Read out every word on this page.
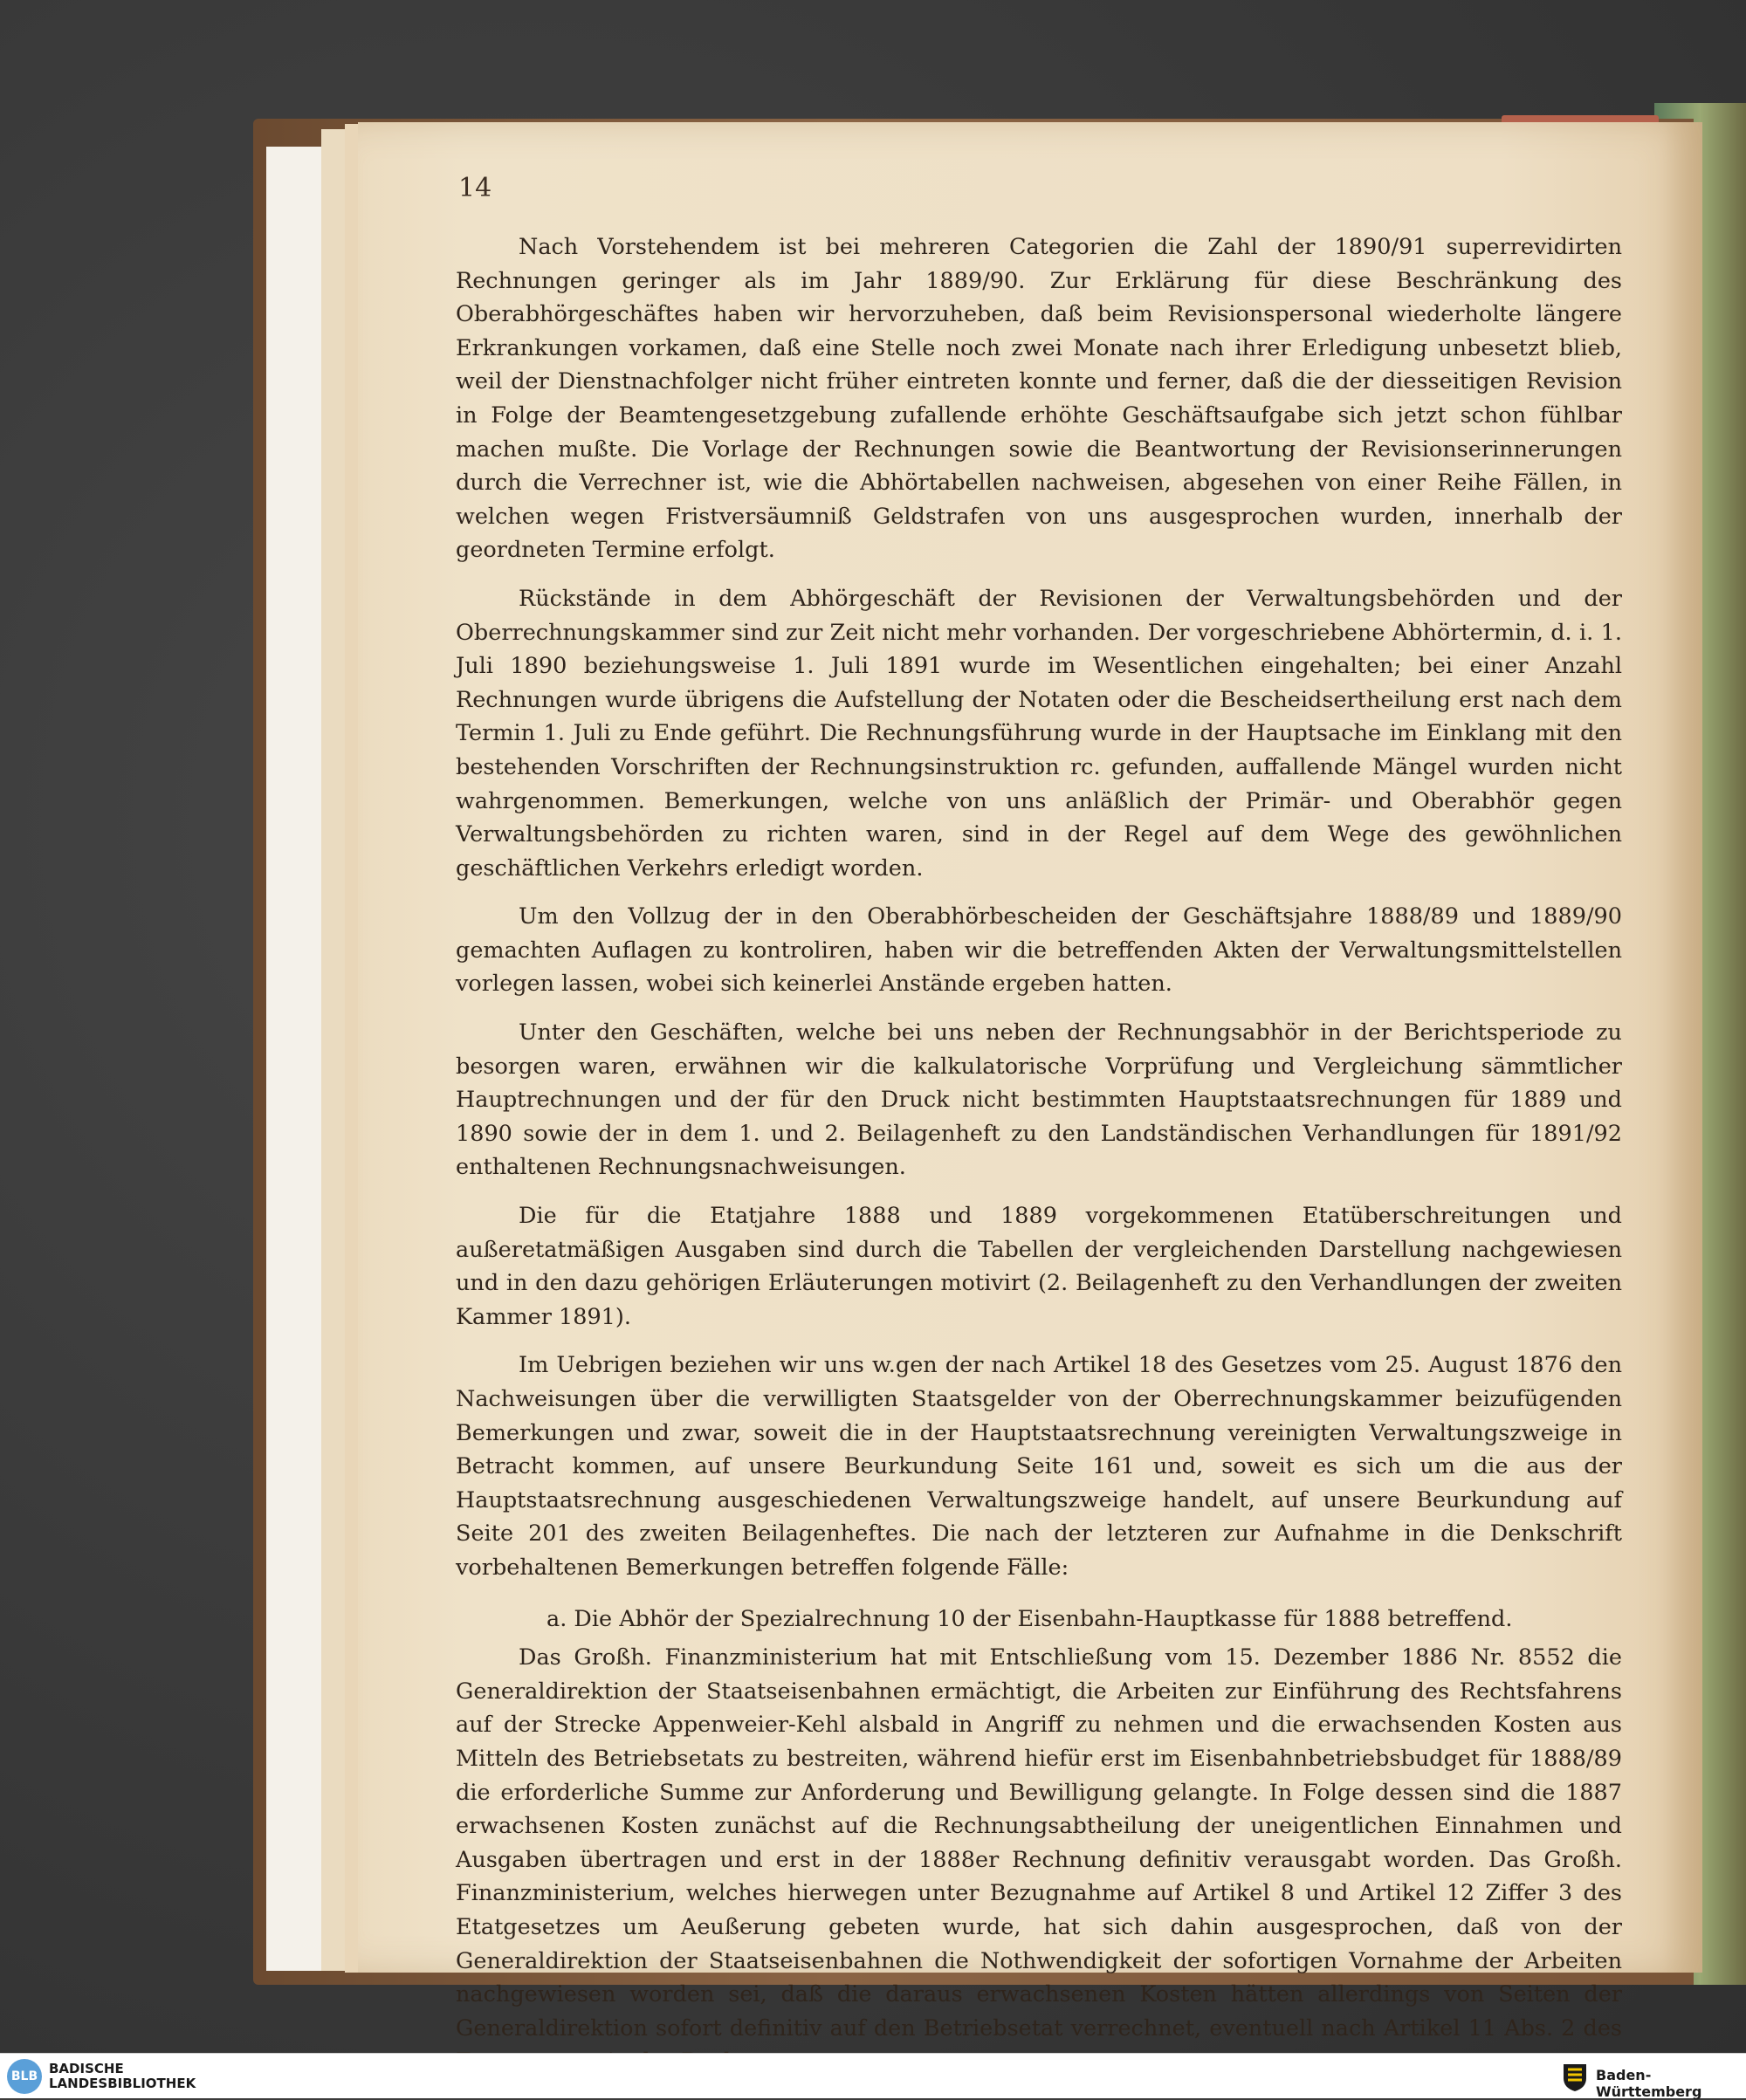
14

Nach Vorstehendem ist bei mehreren Categorien die Zahl der 1890/91 superrevidirten Rechnungen geringer als im Jahr 1889/90. Zur Erklärung für diese Beschränkung des Oberabhörgeschäftes haben wir hervorzuheben, daß beim Revisionspersonal wiederholte längere Erkrankungen vorkamen, daß eine Stelle noch zwei Monate nach ihrer Erledigung unbesetzt blieb, weil der Dienstnachfolger nicht früher eintreten konnte und ferner, daß die der diesseitigen Revision in Folge der Beamtengesetzgebung zufallende erhöhte Geschäftsaufgabe sich jetzt schon fühlbar machen mußte. Die Vorlage der Rechnungen sowie die Beantwortung der Revisionserinnerungen durch die Verrechner ist, wie die Abhörtabellen nachweisen, abgesehen von einer Reihe Fällen, in welchen wegen Fristversäumniß Geldstrafen von uns ausgesprochen wurden, innerhalb der geordneten Termine erfolgt.

Rückstände in dem Abhörgeschäft der Revisionen der Verwaltungsbehörden und der Oberrechnungskammer sind zur Zeit nicht mehr vorhanden. Der vorgeschriebene Abhörtermin, d. i. 1. Juli 1890 beziehungsweise 1. Juli 1891 wurde im Wesentlichen eingehalten; bei einer Anzahl Rechnungen wurde übrigens die Aufstellung der Notaten oder die Bescheidsertheilung erst nach dem Termin 1. Juli zu Ende geführt. Die Rechnungsführung wurde in der Hauptsache im Einklang mit den bestehenden Vorschriften der Rechnungsinstruktion rc. gefunden, auffallende Mängel wurden nicht wahrgenommen. Bemerkungen, welche von uns anläßlich der Primär- und Oberabhör gegen Verwaltungsbehörden zu richten waren, sind in der Regel auf dem Wege des gewöhnlichen geschäftlichen Verkehrs erledigt worden.

Um den Vollzug der in den Oberabhörbescheiden der Geschäftsjahre 1888/89 und 1889/90 gemachten Auflagen zu kontroliren, haben wir die betreffenden Akten der Verwaltungsmittelstellen vorlegen lassen, wobei sich keinerlei Anstände ergeben hatten.

Unter den Geschäften, welche bei uns neben der Rechnungsabhör in der Berichtsperiode zu besorgen waren, erwähnen wir die kalkulatorische Vorprüfung und Vergleichung sämmtlicher Hauptrechnungen und der für den Druck nicht bestimmten Hauptstaatsrechnungen für 1889 und 1890 sowie der in dem 1. und 2. Beilagenheft zu den Landständischen Verhandlungen für 1891/92 enthaltenen Rechnungsnachweisungen.

Die für die Etatjahre 1888 und 1889 vorgekommenen Etatüberschreitungen und außeretatmäßigen Ausgaben sind durch die Tabellen der vergleichenden Darstellung nachgewiesen und in den dazu gehörigen Erläuterungen motivirt (2. Beilagenheft zu den Verhandlungen der zweiten Kammer 1891).

Im Uebrigen beziehen wir uns w.gen der nach Artikel 18 des Gesetzes vom 25. August 1876 den Nachweisungen über die verwilligten Staatsgelder von der Oberrechnungskammer beizufügenden Bemerkungen und zwar, soweit die in der Hauptstaatsrechnung vereinigten Verwaltungszweige in Betracht kommen, auf unsere Beurkundung Seite 161 und, soweit es sich um die aus der Hauptstaatsrechnung ausgeschiedenen Verwaltungszweige handelt, auf unsere Beurkundung auf Seite 201 des zweiten Beilagenheftes. Die nach der letzteren zur Aufnahme in die Denkschrift vorbehaltenen Bemerkungen betreffen folgende Fälle:

a. Die Abhör der Spezialrechnung 10 der Eisenbahn-Hauptkasse für 1888 betreffend.

Das Großh. Finanzministerium hat mit Entschließung vom 15. Dezember 1886 Nr. 8552 die Generaldirektion der Staatseisenbahnen ermächtigt, die Arbeiten zur Einführung des Rechtsfahrens auf der Strecke Appenweier-Kehl alsbald in Angriff zu nehmen und die erwachsenden Kosten aus Mitteln des Betriebsetats zu bestreiten, während hiefür erst im Eisenbahnbetriebsbudget für 1888/89 die erforderliche Summe zur Anforderung und Bewilligung gelangte. In Folge dessen sind die 1887 erwachsenen Kosten zunächst auf die Rechnungsabtheilung der uneigentlichen Einnahmen und Ausgaben übertragen und erst in der 1888er Rechnung definitiv verausgabt worden. Das Großh. Finanzministerium, welches hierwegen unter Bezugnahme auf Artikel 8 und Artikel 12 Ziffer 3 des Etatgesetzes um Aeußerung gebeten wurde, hat sich dahin ausgesprochen, daß von der Generaldirektion der Staatseisenbahnen die Nothwendigkeit der sofortigen Vornahme der Arbeiten nachgewiesen worden sei, daß die daraus erwachsenen Kosten hätten allerdings von Seiten der Generaldirektion sofort definitiv auf den Betriebsetat verrechnet, eventuell nach Artikel 11 Abs. 2 des

BLB BADISCHE
LANDESBIBLIOTHEK	Baden-Württemberg
